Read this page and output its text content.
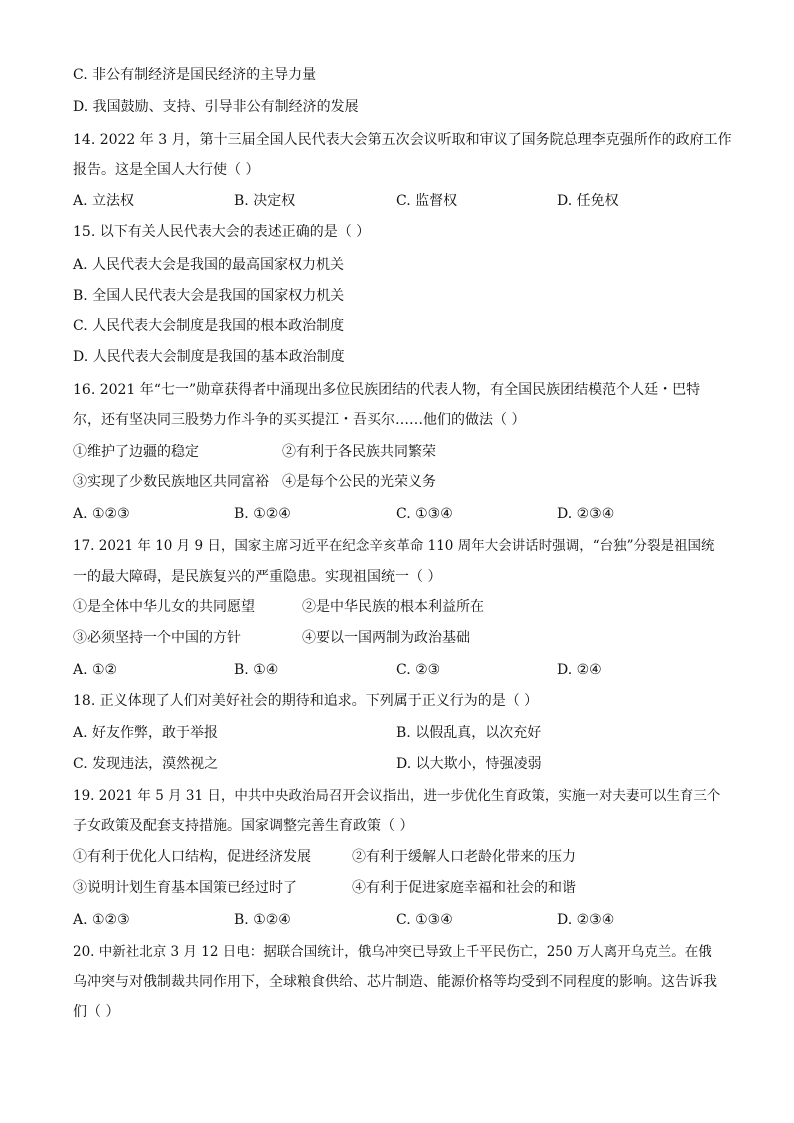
C. 非公有制经济是国民经济的主导力量
D. 我国鼓励、支持、引导非公有制经济的发展
14. 2022 年 3 月，第十三届全国人民代表大会第五次会议听取和审议了国务院总理李克强所作的政府工作
报告。这是全国人大行使（ ）
A. 立法权	B. 决定权	C. 监督权	D. 任免权
15. 以下有关人民代表大会的表述正确的是（ ）
A. 人民代表大会是我国的最高国家权力机关
B. 全国人民代表大会是我国的国家权力机关
C. 人民代表大会制度是我国的根本政治制度
D. 人民代表大会制度是我国的基本政治制度
16. 2021 年“七一”勋章获得者中涌现出多位民族团结的代表人物，有全国民族团结模范个人廷・巴特
尔，还有坚决同三股势力作斗争的买买提江・吾买尔……他们的做法（ ）
①维护了边疆的稳定	②有利于各民族共同繁荣
③实现了少数民族地区共同富裕 ④是每个公民的光荣义务
A. ①②③	B. ①②④	C. ①③④	D. ②③④
17. 2021 年 10 月 9 日，国家主席习近平在纪念辛亥革命 110 周年大会讲话时强调，“台独”分裂是祖国统
一的最大障碍，是民族复兴的严重隐患。实现祖国统一（ ）
①是全体中华儿女的共同愿望	②是中华民族的根本利益所在
③必须坚持一个中国的方针	④要以一国两制为政治基础
A. ①②	B. ①④	C. ②③	D. ②④
18. 正义体现了人们对美好社会的期待和追求。下列属于正义行为的是（ ）
A. 好友作弊，敢于举报	B. 以假乱真，以次充好
C. 发现违法，漠然视之	D. 以大欺小，恃强凌弱
19. 2021 年 5 月 31 日，中共中央政治局召开会议指出，进一步优化生育政策，实施一对夫妻可以生育三个
子女政策及配套支持措施。国家调整完善生育政策（ ）
①有利于优化人口结构，促进经济发展	②有利于缓解人口老龄化带来的压力
③说明计划生育基本国策已经过时了	④有利于促进家庭幸福和社会的和谐
A. ①②③	B. ①②④	C. ①③④	D. ②③④
20. 中新社北京 3 月 12 日电：据联合国统计，俄乌冲突已导致上千平民伤亡，250 万人离开乌克兰。在俄
乌冲突与对俄制裁共同作用下，全球粮食供给、芯片制造、能源价格等均受到不同程度的影响。这告诉我
们（ ）
